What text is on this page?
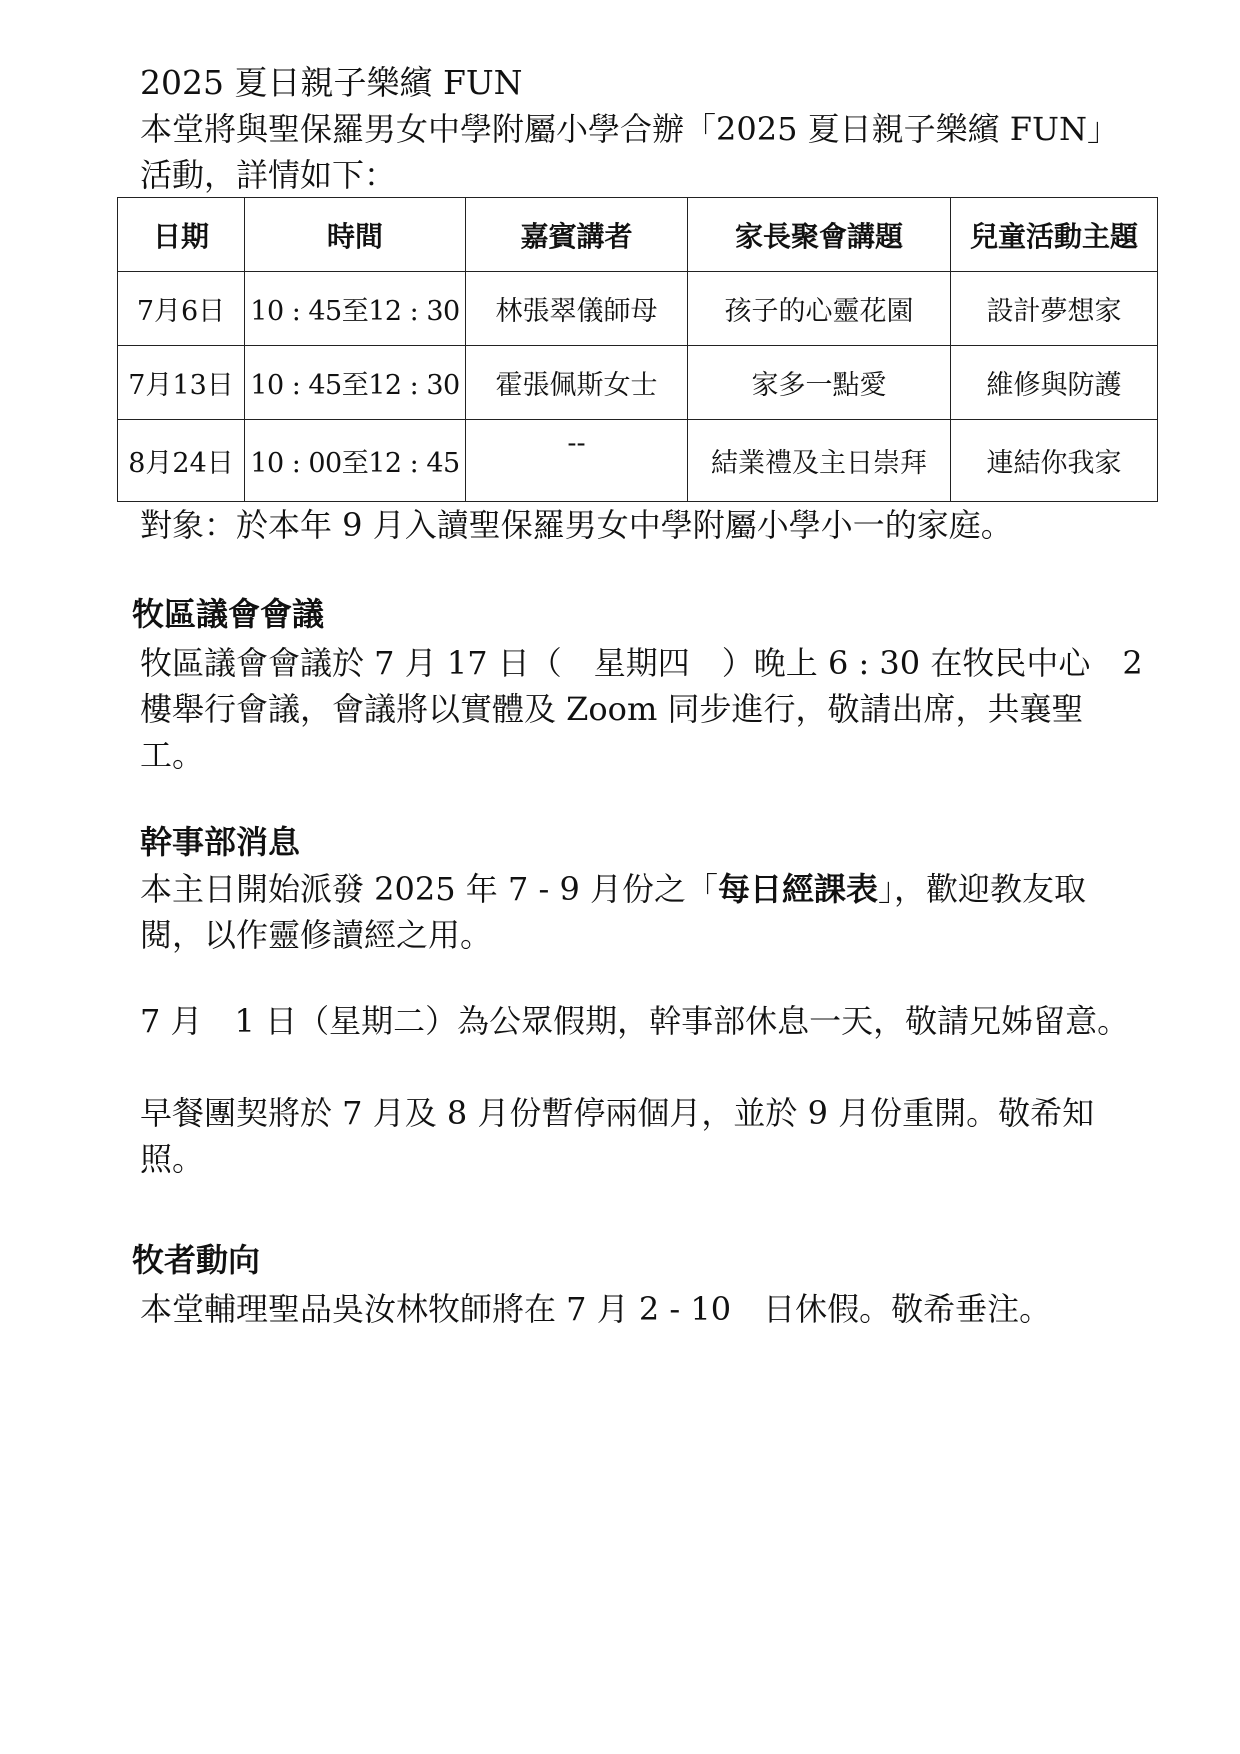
2025 夏日親子樂繽 FUN
本堂將與聖保羅男女中學附屬小學合辦「2025 夏日親子樂繽 FUN」
活動，詳情如下：
日期	時間	嘉賓講者	家長聚會講題	兒童活動主題
7月6日	10 : 45至12 : 30	林張翠儀師母	孩子的心靈花園	設計夢想家
7月13日	10 : 45至12 : 30	霍張佩斯女士	家多一點愛	維修與防護
8月24日	10 : 00至12 : 45	--	結業禮及主日崇拜	連結你我家
對象：於本年 9 月入讀聖保羅男女中學附屬小學小一的家庭。
牧區議會會議
牧區議會會議於 7 月 17 日（　星期四　）晚上 6 : 30 在牧民中心　2
樓舉行會議，會議將以實體及 Zoom 同步進行，敬請出席，共襄聖
工。
幹事部消息
本主日開始派發 2025 年 7 - 9 月份之「每日經課表」，歡迎教友取
閱，以作靈修讀經之用。
7 月　1 日（星期二）為公眾假期，幹事部休息一天，敬請兄姊留意。
早餐團契將於 7 月及 8 月份暫停兩個月，並於 9 月份重開。敬希知
照。
牧者動向
本堂輔理聖品吳汝林牧師將在 7 月 2 - 10　日休假。敬希垂注。
